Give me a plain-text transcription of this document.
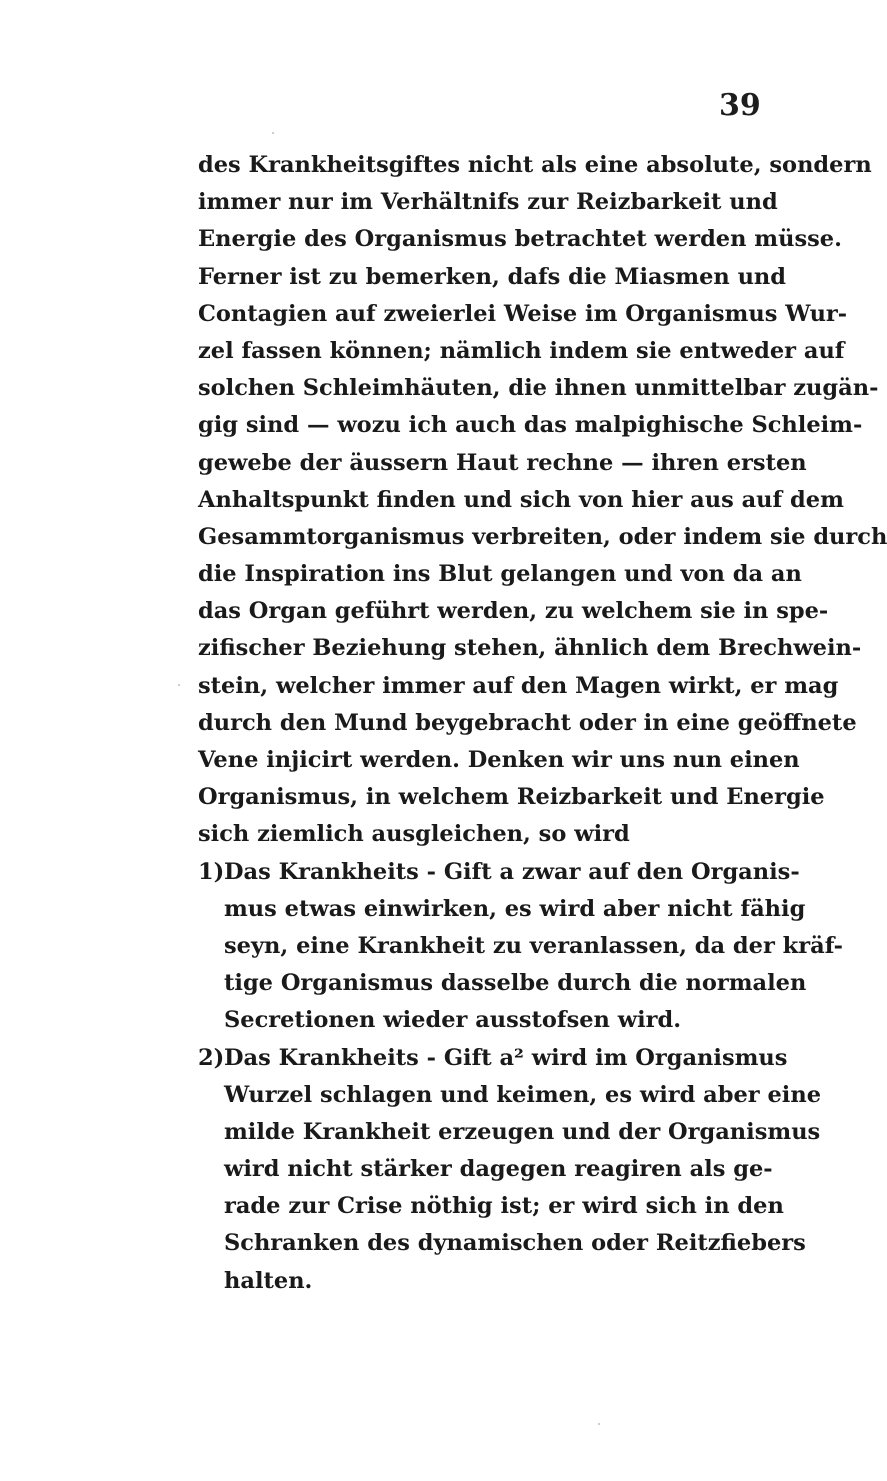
39
des Krankheitsgiftes nicht als eine absolute, sondern
immer nur im Verhältnifs zur Reizbarkeit und
Energie des Organismus betrachtet werden müsse.
Ferner ist zu bemerken, dafs die Miasmen und
Contagien auf zweierlei Weise im Organismus Wur-
zel fassen können; nämlich indem sie entweder auf
solchen Schleimhäuten, die ihnen unmittelbar zugän-
gig sind — wozu ich auch das malpighische Schleim-
gewebe der äussern Haut rechne — ihren ersten
Anhaltspunkt finden und sich von hier aus auf dem
Gesammtorganismus verbreiten, oder indem sie durch
die Inspiration ins Blut gelangen und von da an
das Organ geführt werden, zu welchem sie in spe-
zifischer Beziehung stehen, ähnlich dem Brechwein-
stein, welcher immer auf den Magen wirkt, er mag
durch den Mund beygebracht oder in eine geöffnete
Vene injicirt werden. Denken wir uns nun einen
Organismus, in welchem Reizbarkeit und Energie
sich ziemlich ausgleichen, so wird
1)Das Krankheits - Gift a zwar auf den Organis-
mus etwas einwirken, es wird aber nicht fähig
seyn, eine Krankheit zu veranlassen, da der kräf-
tige Organismus dasselbe durch die normalen
Secretionen wieder ausstofsen wird.
2)Das Krankheits - Gift a² wird im Organismus
Wurzel schlagen und keimen, es wird aber eine
milde Krankheit erzeugen und der Organismus
wird nicht stärker dagegen reagiren als ge-
rade zur Crise nöthig ist; er wird sich in den
Schranken des dynamischen oder Reitzfiebers
halten.
